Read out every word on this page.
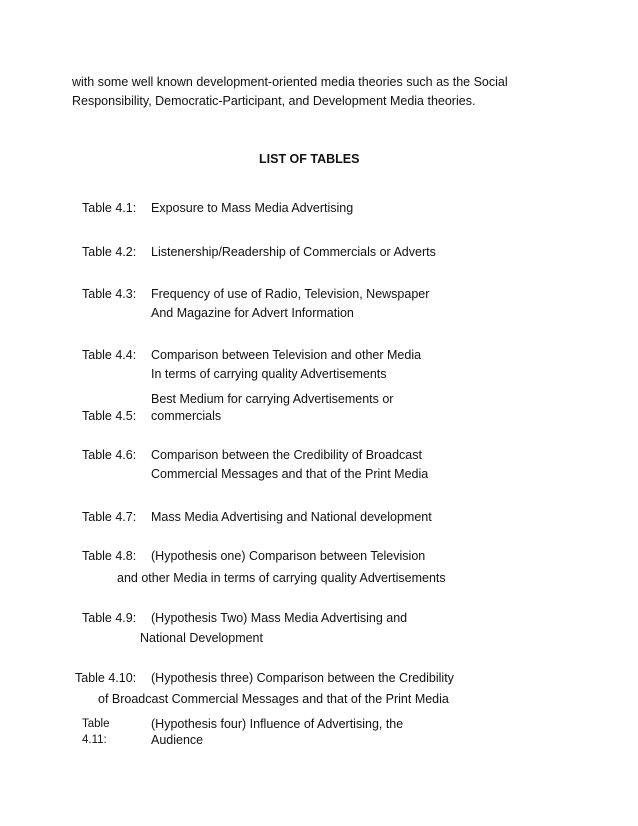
with some well known development-oriented media theories such as the Social
Responsibility, Democratic-Participant, and Development Media theories.
LIST OF TABLES
Table 4.1: Exposure to Mass Media Advertising
Table 4.2: Listenership/Readership of Commercials or Adverts
Table 4.3: Frequency of use of Radio, Television, Newspaper
And Magazine for Advert Information
Table 4.4: Comparison between Television and other Media
In terms of carrying quality Advertisements
Best Medium for carrying Advertisements or
Table 4.5: commercials
Table 4.6: Comparison between the Credibility of Broadcast
Commercial Messages and that of the Print Media
Table 4.7: Mass Media Advertising and National development
Table 4.8: (Hypothesis one) Comparison between Television
and other Media in terms of carrying quality Advertisements
Table 4.9: (Hypothesis Two) Mass Media Advertising and
National Development
Table 4.10: (Hypothesis three) Comparison between the Credibility
of Broadcast Commercial Messages and that of the Print Media
Table
4.11:
(Hypothesis four) Influence of Advertising, the
Audience
